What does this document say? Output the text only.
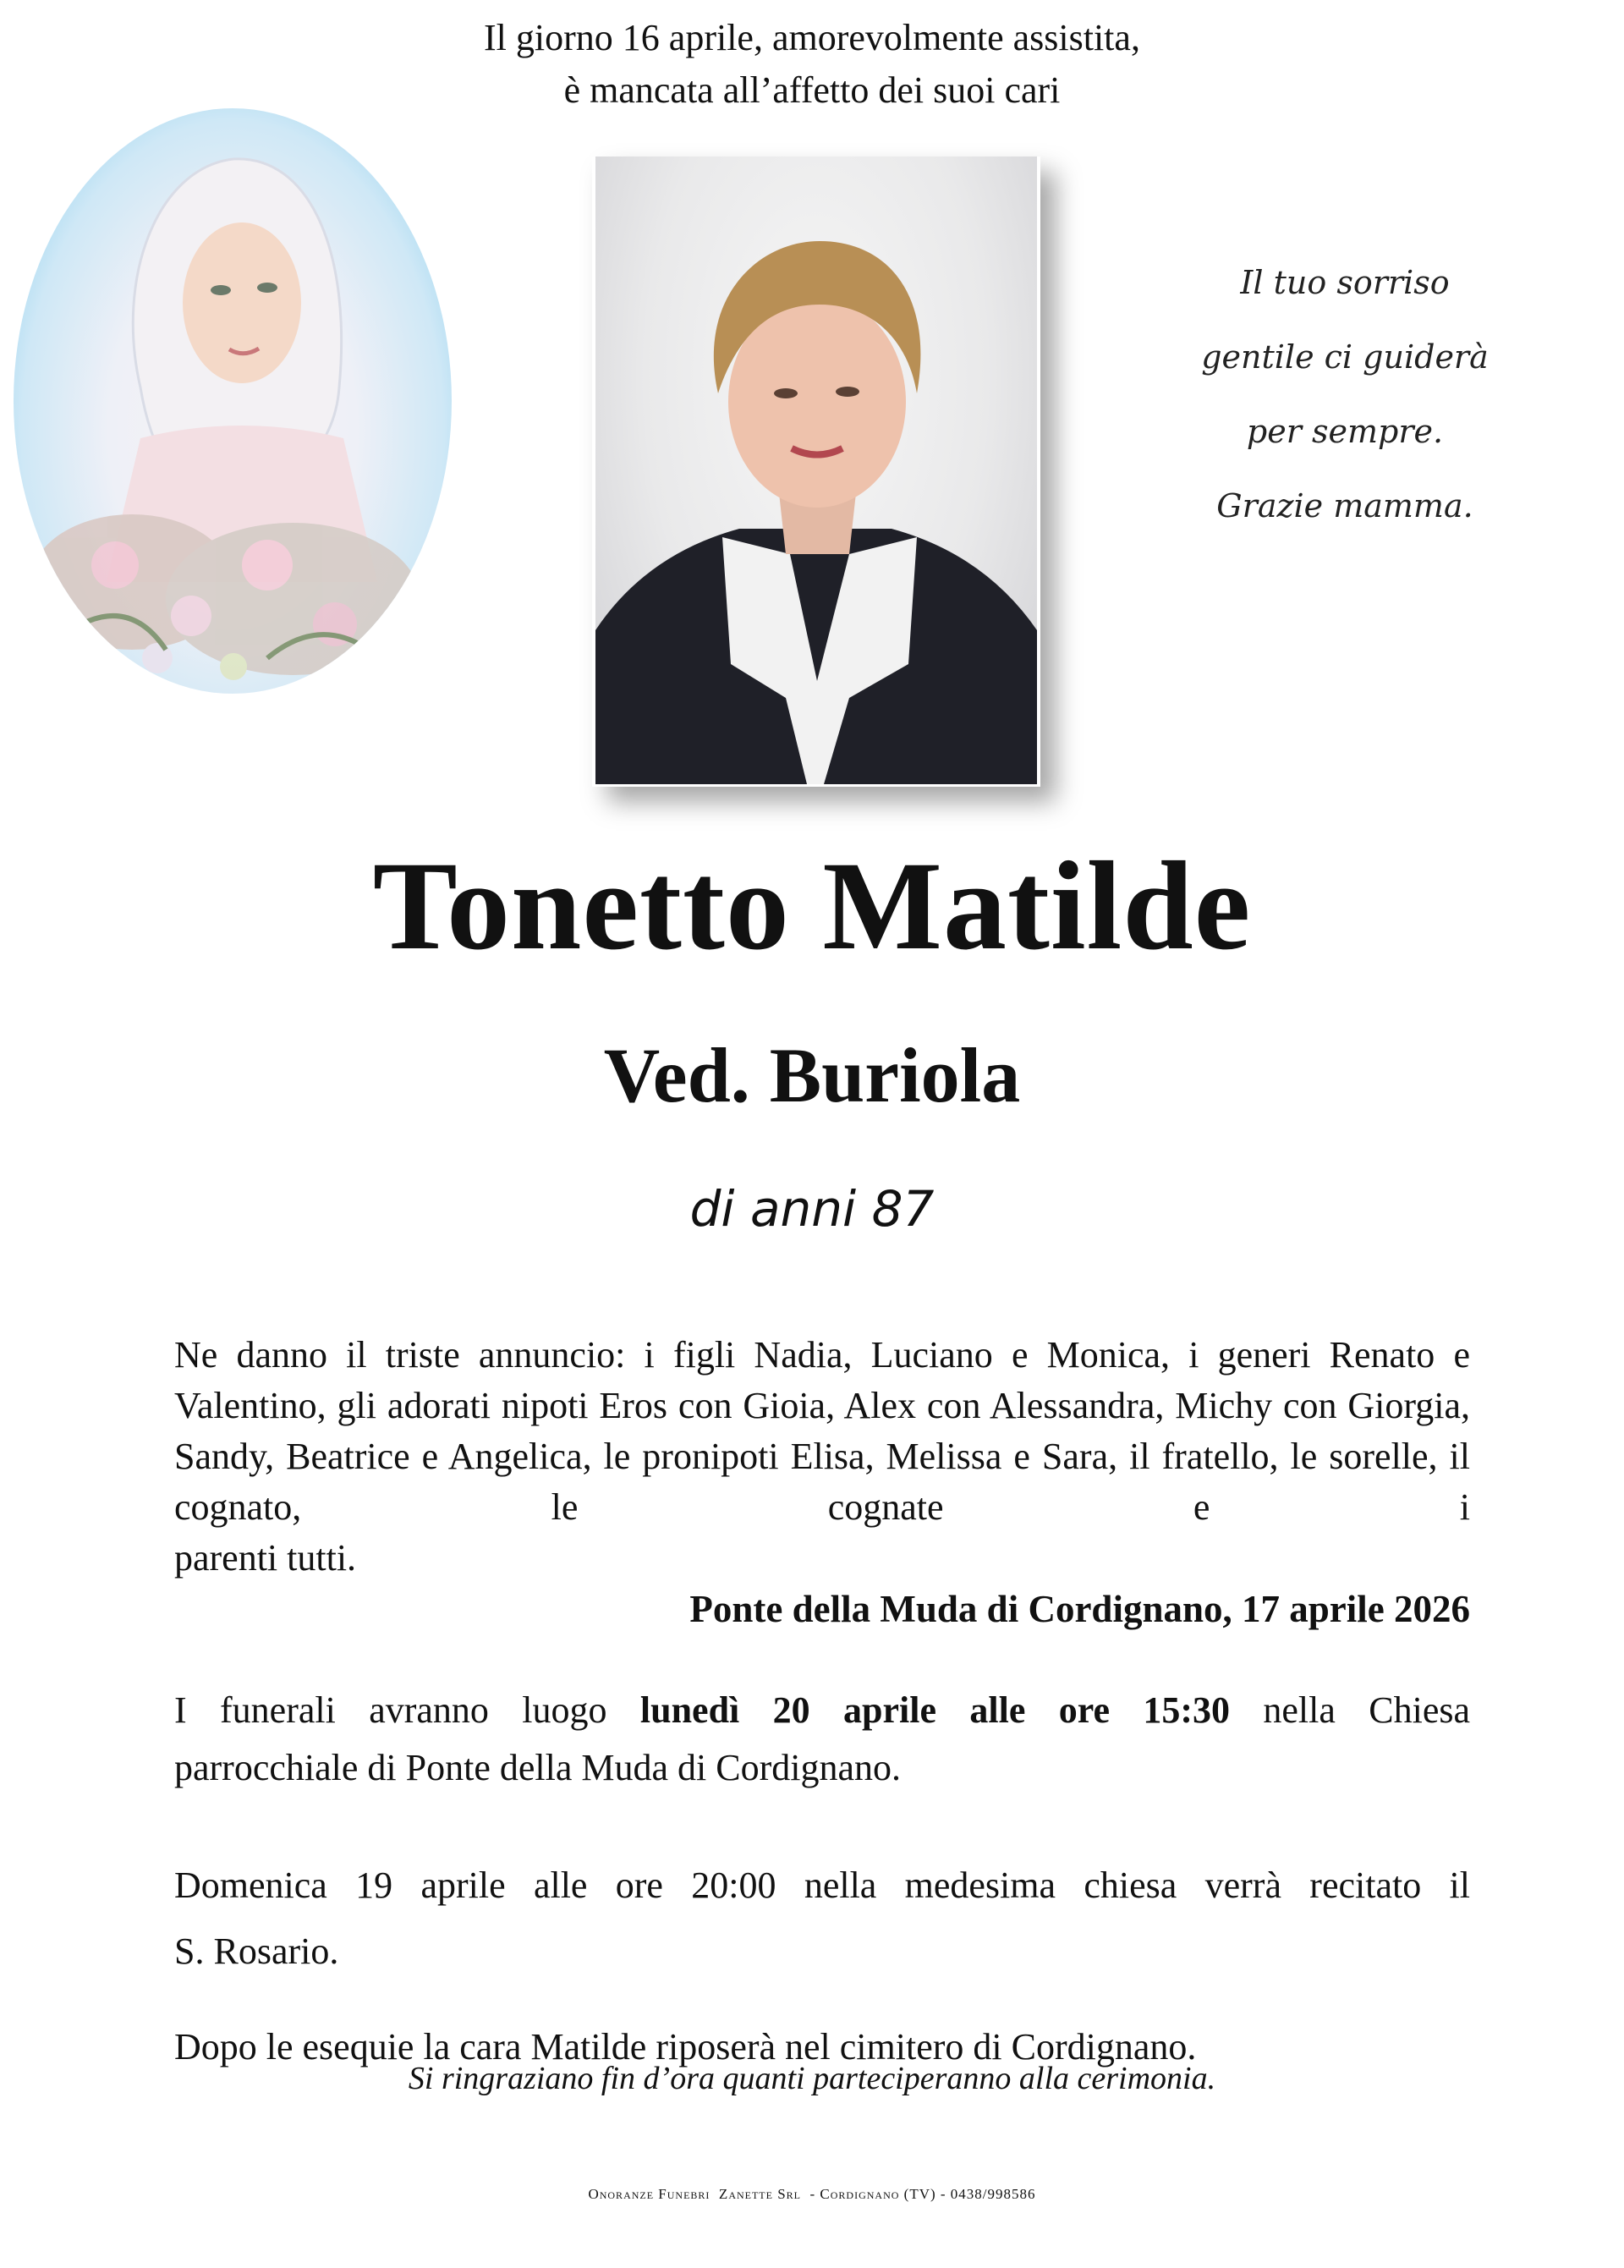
Il giorno 16 aprile, amorevolmente assistita,
è mancata all’affetto dei suoi cari
Il tuo sorriso
gentile ci guiderà
per sempre.
Grazie mamma.
Tonetto Matilde
Ved. Buriola
di anni 87
Ne danno il triste annuncio: i figli Nadia, Luciano e Monica, i generi Renato e Valentino, gli adorati nipoti Eros con Gioia, Alex con Alessandra, Michy con Giorgia, Sandy, Beatrice e Angelica, le pronipoti Elisa, Melissa e Sara, il fratello, le sorelle, il cognato, le cognate e i
parenti tutti.
Ponte della Muda di Cordignano, 17 aprile 2026
I funerali avranno luogo lunedì 20 aprile alle ore 15:30 nella Chiesa
parrocchiale di Ponte della Muda di Cordignano.
Domenica 19 aprile alle ore 20:00 nella medesima chiesa verrà recitato il
S. Rosario.
Dopo le esequie la cara Matilde riposerà nel cimitero di Cordignano.
Si ringraziano fin d’ora quanti parteciperanno alla cerimonia.
Onoranze Funebri  Zanette Srl  - Cordignano (TV) - 0438/998586
